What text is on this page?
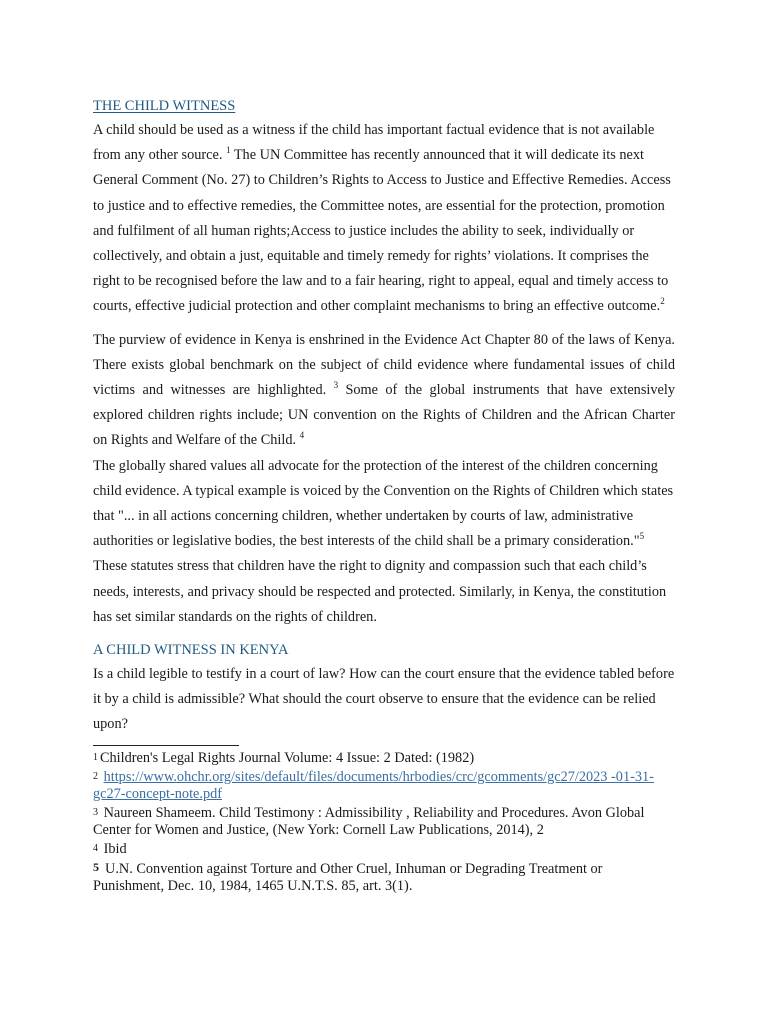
THE CHILD WITNESS

A child should be used as a witness if the child has important factual evidence that is not available from any other source. $^1$ The UN Committee has recently announced that it will dedicate its next General Comment (No. 27) to Children’s Rights to Access to Justice and Effective Remedies. Access to justice and to effective remedies, the Committee notes, are essential for the protection, promotion and fulfilment of all human rights;Access to justice includes the ability to seek, individually or collectively, and obtain a just, equitable and timely remedy for rights’ violations. It comprises the right to be recognised before the law and to a fair hearing, right to appeal, equal and timely access to courts, effective judicial protection and other complaint mechanisms to bring an effective outcome.$^2$

The purview of evidence in Kenya is enshrined in the Evidence Act Chapter 80 of the laws of Kenya. There exists global benchmark on the subject of child evidence where fundamental issues of child victims and witnesses are highlighted. $^3$ Some of the global instruments that have extensively explored children rights include; UN convention on the Rights of Children and the African Charter on Rights and Welfare of the Child. $^4$

The globally shared values all advocate for the protection of the interest of the children concerning child evidence. A typical example is voiced by the Convention on the Rights of Children which states that "... in all actions concerning children, whether undertaken by courts of law, administrative authorities or legislative bodies, the best interests of the child shall be a primary consideration."$^5$ These statutes stress that children have the right to dignity and compassion such that each child’s needs, interests, and privacy should be respected and protected. Similarly, in Kenya, the constitution has set similar standards on the rights of children.

A CHILD WITNESS IN KENYA

Is a child legible to testify in a court of law? How can the court ensure that the evidence tabled before it by a child is admissible? What should the court observe to ensure that the evidence can be relied upon?

1 Children's Legal Rights Journal Volume: 4 Issue: 2 Dated: (1982)
2 https://www.ohchr.org/sites/default/files/documents/hrbodies/crc/gcomments/gc27/2023 -01-31-gc27-concept-note.pdf
3 Naureen Shameem. Child Testimony : Admissibility , Reliability and Procedures. Avon Global Center for Women and Justice, (New York: Cornell Law Publications, 2014), 2
4 Ibid
5 U.N. Convention against Torture and Other Cruel, Inhuman or Degrading Treatment or Punishment, Dec. 10, 1984, 1465 U.N.T.S. 85, art. 3(1).
